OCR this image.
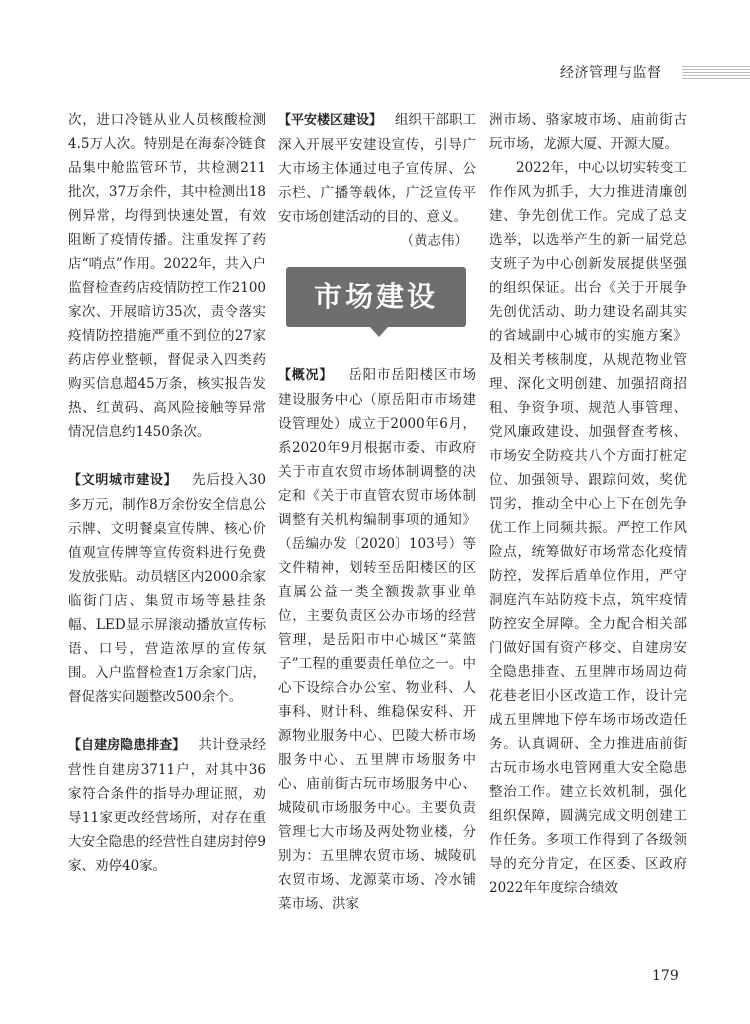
经济管理与监督

次，进口冷链从业人员核酸检测4.5万人次。特别是在海泰冷链食品集中舱监管环节，共检测211批次，37万余件，其中检测出18例异常，均得到快速处置，有效阻断了疫情传播。注重发挥了药店“哨点”作用。2022年，共入户监督检查药店疫情防控工作2100家次、开展暗访35次，责令落实疫情防控措施严重不到位的27家药店停业整顿，督促录入四类药购买信息超45万条，核实报告发热、红黄码、高风险接触等异常情况信息约1450条次。

【文明城市建设】 先后投入30多万元，制作8万余份安全信息公示牌、文明餐桌宣传牌、核心价值观宣传牌等宣传资料进行免费发放张贴。动员辖区内2000余家临街门店、集贸市场等悬挂条幅、LED显示屏滚动播放宣传标语、口号，营造浓厚的宣传氛围。入户监督检查1万余家门店，督促落实问题整改500余个。

【自建房隐患排查】 共计登录经营性自建房3711户，对其中36家符合条件的指导办理证照，劝导11家更改经营场所，对存在重大安全隐患的经营性自建房封停9家、劝停40家。

【平安楼区建设】 组织干部职工深入开展平安建设宣传，引导广大市场主体通过电子宣传屏、公示栏、广播等载体，广泛宣传平安市场创建活动的目的、意义。

（黄志伟）

市场建设

【概况】 岳阳市岳阳楼区市场建设服务中心（原岳阳市市场建设管理处）成立于2000年6月，系2020年9月根据市委、市政府关于市直农贸市场体制调整的决定和《关于市直管农贸市场体制调整有关机构编制事项的通知》（岳编办发〔2020〕103号）等文件精神，划转至岳阳楼区的区直属公益一类全额拨款事业单位，主要负责区公办市场的经营管理，是岳阳市中心城区“菜篮子”工程的重要责任单位之一。中心下设综合办公室、物业科、人事科、财计科、维稳保安科、开源物业服务中心、巴陵大桥市场服务中心、五里牌市场服务中心、庙前街古玩市场服务中心、城陵矶市场服务中心。主要负责管理七大市场及两处物业楼，分别为：五里牌农贸市场、城陵矶农贸市场、龙源菜市场、冷水铺菜市场、洪家

洲市场、骆家坡市场、庙前街古玩市场，龙源大厦、开源大厦。

2022年，中心以切实转变工作作风为抓手，大力推进清廉创建、争先创优工作。完成了总支选举，以选举产生的新一届党总支班子为中心创新发展提供坚强的组织保证。出台《关于开展争先创优活动、助力建设名副其实的省域副中心城市的实施方案》及相关考核制度，从规范物业管理、深化文明创建、加强招商招租、争资争项、规范人事管理、党风廉政建设、加强督查考核、市场安全防疫共八个方面打桩定位、加强领导、跟踪问效，奖优罚劣，推动全中心上下在创先争优工作上同频共振。严控工作风险点，统筹做好市场常态化疫情防控，发挥后盾单位作用，严守洞庭汽车站防疫卡点，筑牢疫情防控安全屏障。全力配合相关部门做好国有资产移交、自建房安全隐患排查、五里牌市场周边荷花巷老旧小区改造工作，设计完成五里牌地下停车场市场改造任务。认真调研、全力推进庙前街古玩市场水电管网重大安全隐患整治工作。建立长效机制，强化组织保障，圆满完成文明创建工作任务。多项工作得到了各级领导的充分肯定，在区委、区政府2022年年度综合绩效

179
